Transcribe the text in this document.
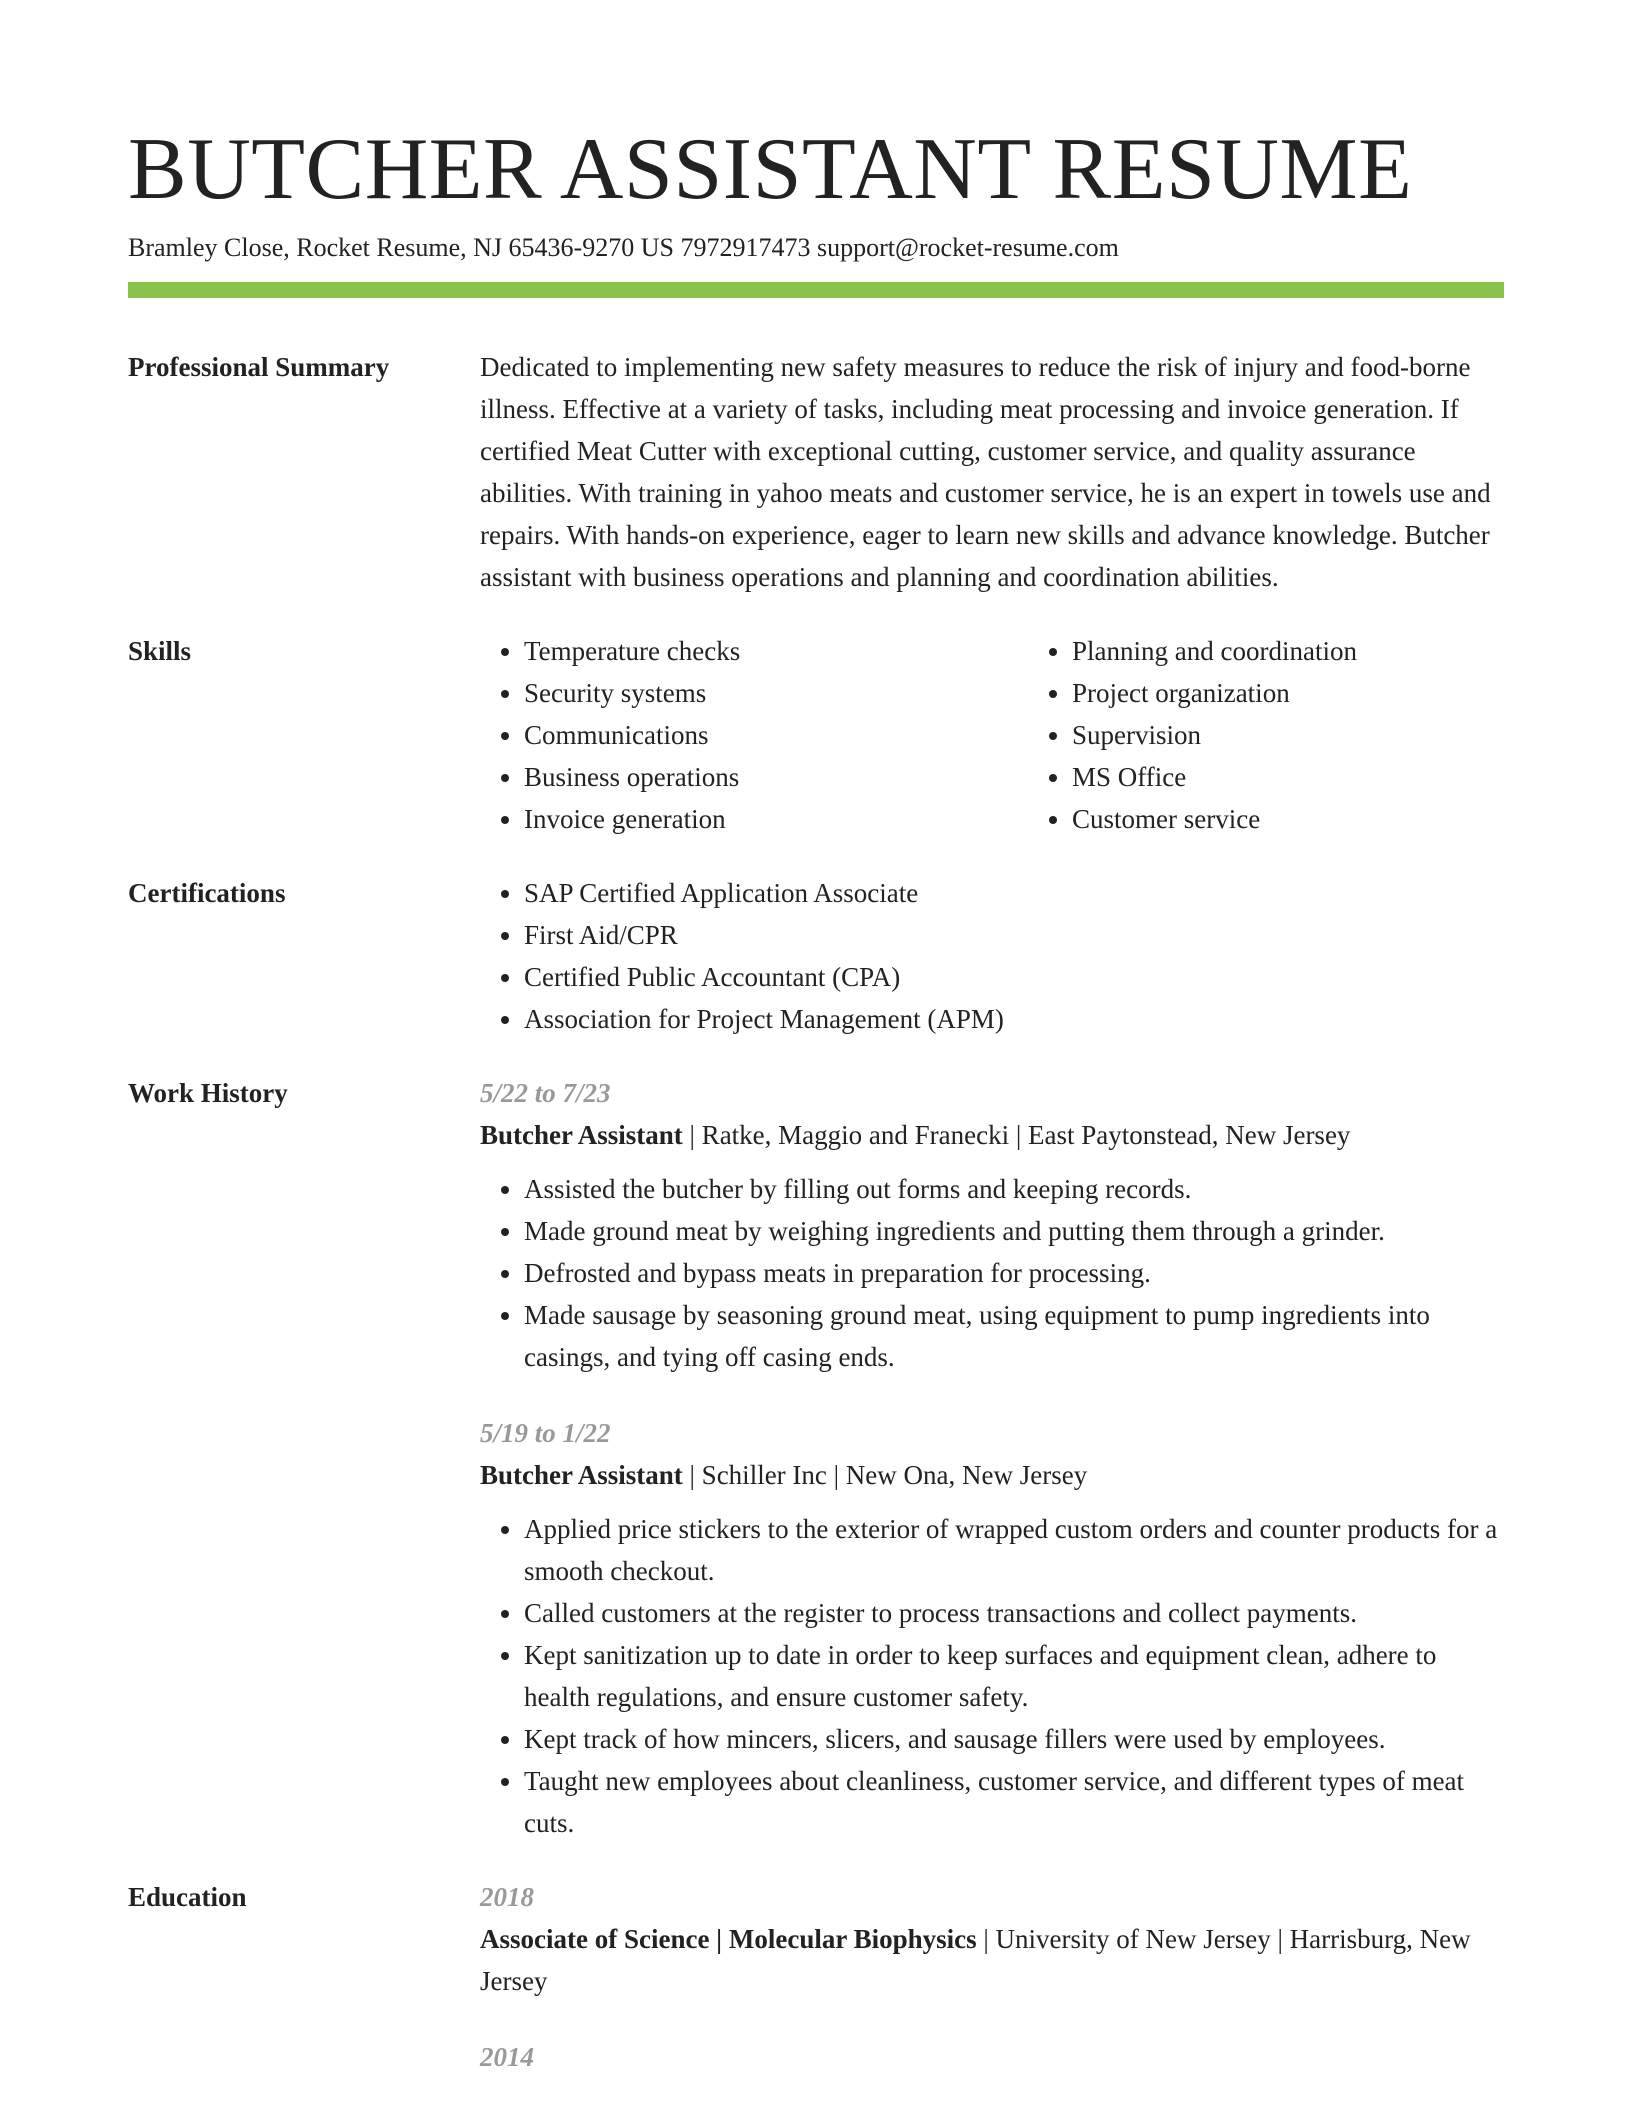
BUTCHER ASSISTANT RESUME
Bramley Close, Rocket Resume, NJ 65436-9270 US 7972917473 support@rocket-resume.com
Professional Summary	Dedicated to implementing new safety measures to reduce the risk of injury and food-borne illness. Effective at a variety of tasks, including meat processing and invoice generation. If certified Meat Cutter with exceptional cutting, customer service, and quality assurance abilities. With training in yahoo meats and customer service, he is an expert in towels use and repairs. With hands-on experience, eager to learn new skills and advance knowledge. Butcher assistant with business operations and planning and coordination abilities.

Skills	• Temperature checks
• Security systems
• Communications
• Business operations
• Invoice generation
• Planning and coordination
• Project organization
• Supervision
• MS Office
• Customer service
Certifications	• SAP Certified Application Associate
• First Aid/CPR
• Certified Public Accountant (CPA)
• Association for Project Management (APM)
Work History	5/22 to 7/23
Butcher Assistant | Ratke, Maggio and Franecki | East Paytonstead, New Jersey
• Assisted the butcher by filling out forms and keeping records.
• Made ground meat by weighing ingredients and putting them through a grinder.
• Defrosted and bypass meats in preparation for processing.
• Made sausage by seasoning ground meat, using equipment to pump ingredients into casings, and tying off casing ends.
5/19 to 1/22
Butcher Assistant | Schiller Inc | New Ona, New Jersey
• Applied price stickers to the exterior of wrapped custom orders and counter products for a smooth checkout.
• Called customers at the register to process transactions and collect payments.
• Kept sanitization up to date in order to keep surfaces and equipment clean, adhere to health regulations, and ensure customer safety.
• Kept track of how mincers, slicers, and sausage fillers were used by employees.
• Taught new employees about cleanliness, customer service, and different types of meat cuts.
Education	2018
Associate of Science | Molecular Biophysics | University of New Jersey | Harrisburg, New Jersey
2014
